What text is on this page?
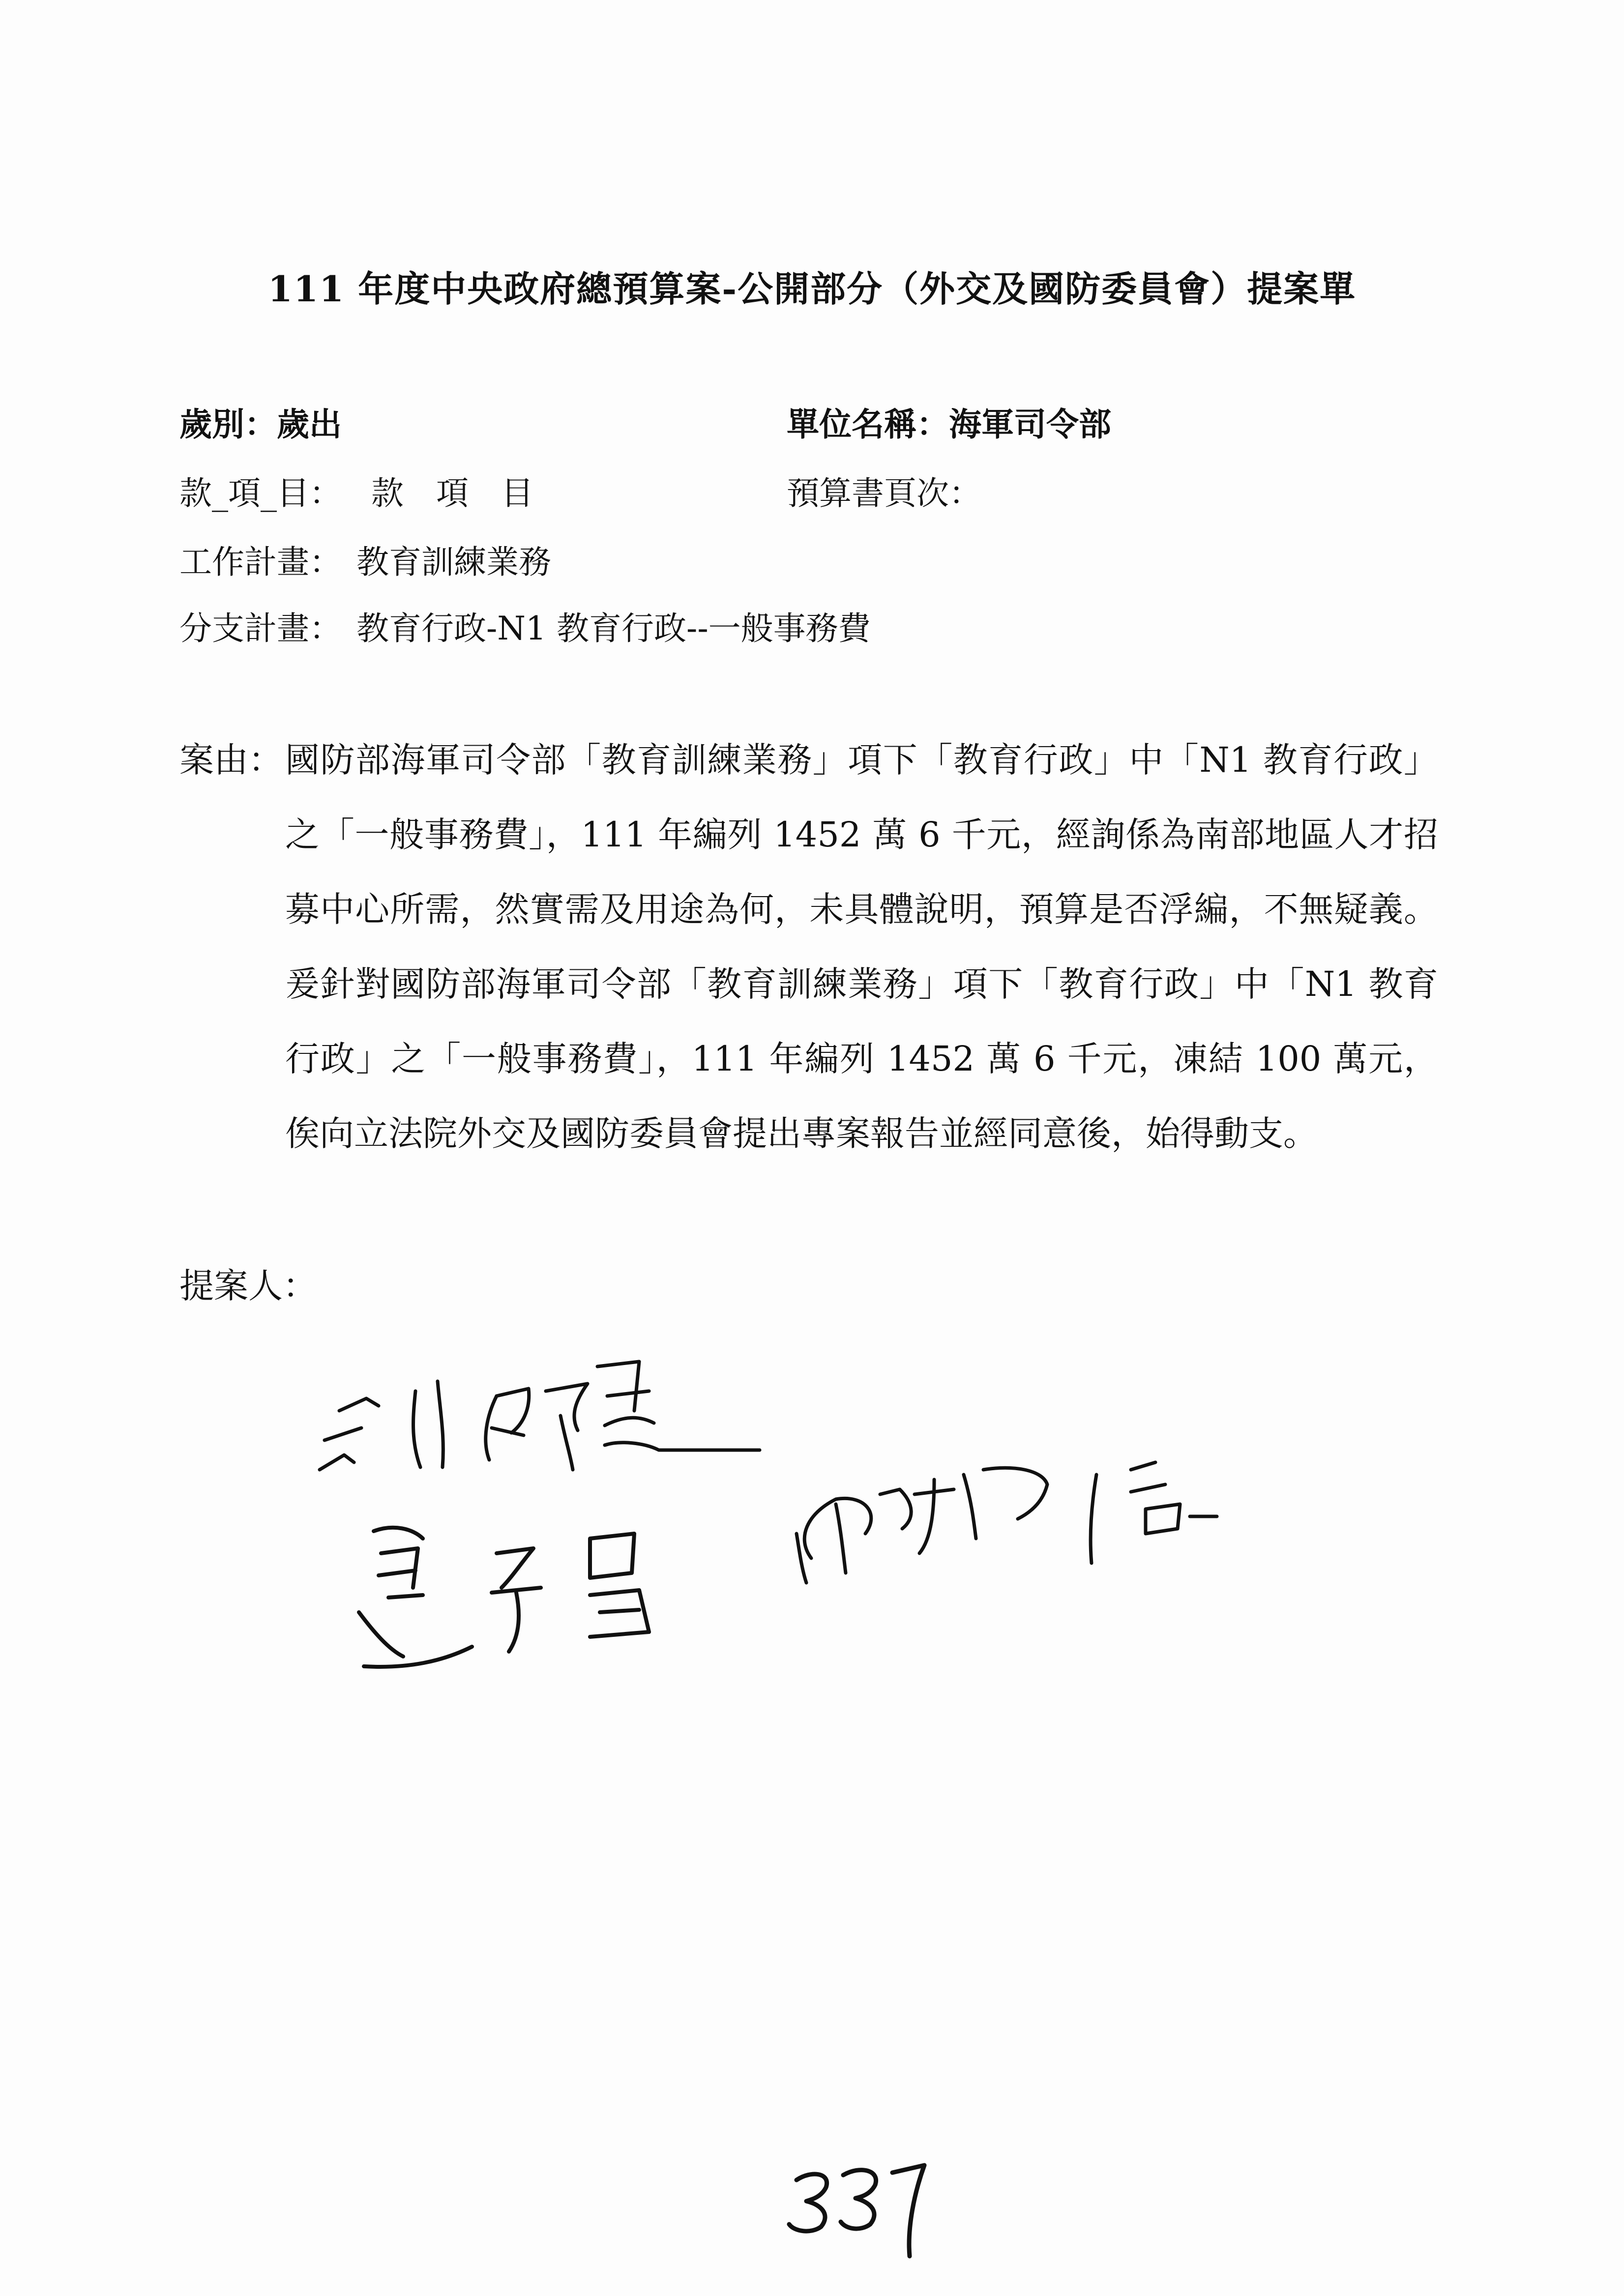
111 年度中央政府總預算案-公開部分（外交及國防委員會）提案單
歲別：歲出	單位名稱：海軍司令部
款_項_目： 款　項　目	預算書頁次：
工作計畫： 教育訓練業務
分支計畫： 教育行政-N1 教育行政--一般事務費
案由： 國防部海軍司令部「教育訓練業務」項下「教育行政」中「N1 教育行政」之「一般事務費」，111 年編列 1452 萬 6 千元，經詢係為南部地區人才招募中心所需，然實需及用途為何，未具體說明，預算是否浮編，不無疑義。爰針對國防部海軍司令部「教育訓練業務」項下「教育行政」中「N1 教育行政」之「一般事務費」，111 年編列 1452 萬 6 千元，凍結 100 萬元，俟向立法院外交及國防委員會提出專案報告並經同意後，始得動支。
提案人：
